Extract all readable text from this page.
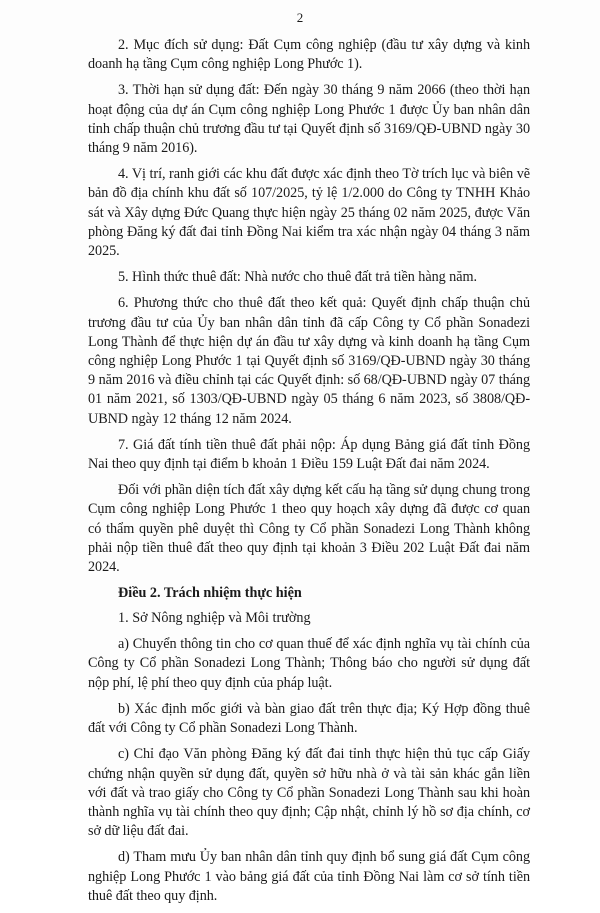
2

2. Mục đích sử dụng: Đất Cụm công nghiệp (đầu tư xây dựng và kinh doanh hạ tầng Cụm công nghiệp Long Phước 1).

3. Thời hạn sử dụng đất: Đến ngày 30 tháng 9 năm 2066 (theo thời hạn hoạt động của dự án Cụm công nghiệp Long Phước 1 được Ủy ban nhân dân tỉnh chấp thuận chủ trương đầu tư tại Quyết định số 3169/QĐ-UBND ngày 30 tháng 9 năm 2016).

4. Vị trí, ranh giới các khu đất được xác định theo Tờ trích lục và biên vẽ bản đồ địa chính khu đất số 107/2025, tỷ lệ 1/2.000 do Công ty TNHH Khảo sát và Xây dựng Đức Quang thực hiện ngày 25 tháng 02 năm 2025, được Văn phòng Đăng ký đất đai tỉnh Đồng Nai kiểm tra xác nhận ngày 04 tháng 3 năm 2025.

5. Hình thức thuê đất: Nhà nước cho thuê đất trả tiền hàng năm.

6. Phương thức cho thuê đất theo kết quả: Quyết định chấp thuận chủ trương đầu tư của Ủy ban nhân dân tỉnh đã cấp Công ty Cổ phần Sonadezi Long Thành để thực hiện dự án đầu tư xây dựng và kinh doanh hạ tầng Cụm công nghiệp Long Phước 1 tại Quyết định số 3169/QĐ-UBND ngày 30 tháng 9 năm 2016 và điều chỉnh tại các Quyết định: số 68/QĐ-UBND ngày 07 tháng 01 năm 2021, số 1303/QĐ-UBND ngày 05 tháng 6 năm 2023, số 3808/QĐ-UBND ngày 12 tháng 12 năm 2024.

7. Giá đất tính tiền thuê đất phải nộp: Áp dụng Bảng giá đất tỉnh Đồng Nai theo quy định tại điểm b khoản 1 Điều 159 Luật Đất đai năm 2024.

Đối với phần diện tích đất xây dựng kết cấu hạ tầng sử dụng chung trong Cụm công nghiệp Long Phước 1 theo quy hoạch xây dựng đã được cơ quan có thẩm quyền phê duyệt thì Công ty Cổ phần Sonadezi Long Thành không phải nộp tiền thuê đất theo quy định tại khoản 3 Điều 202 Luật Đất đai năm 2024.

Điều 2. Trách nhiệm thực hiện

1. Sở Nông nghiệp và Môi trường

a) Chuyển thông tin cho cơ quan thuế để xác định nghĩa vụ tài chính của Công ty Cổ phần Sonadezi Long Thành; Thông báo cho người sử dụng đất nộp phí, lệ phí theo quy định của pháp luật.

b) Xác định mốc giới và bàn giao đất trên thực địa; Ký Hợp đồng thuê đất với Công ty Cổ phần Sonadezi Long Thành.

c) Chỉ đạo Văn phòng Đăng ký đất đai tỉnh thực hiện thủ tục cấp Giấy chứng nhận quyền sử dụng đất, quyền sở hữu nhà ở và tài sản khác gắn liền với đất và trao giấy cho Công ty Cổ phần Sonadezi Long Thành sau khi hoàn thành nghĩa vụ tài chính theo quy định; Cập nhật, chỉnh lý hồ sơ địa chính, cơ sở dữ liệu đất đai.

d) Tham mưu Ủy ban nhân dân tỉnh quy định bổ sung giá đất Cụm công nghiệp Long Phước 1 vào bảng giá đất của tỉnh Đồng Nai làm cơ sở tính tiền thuê đất theo quy định.
